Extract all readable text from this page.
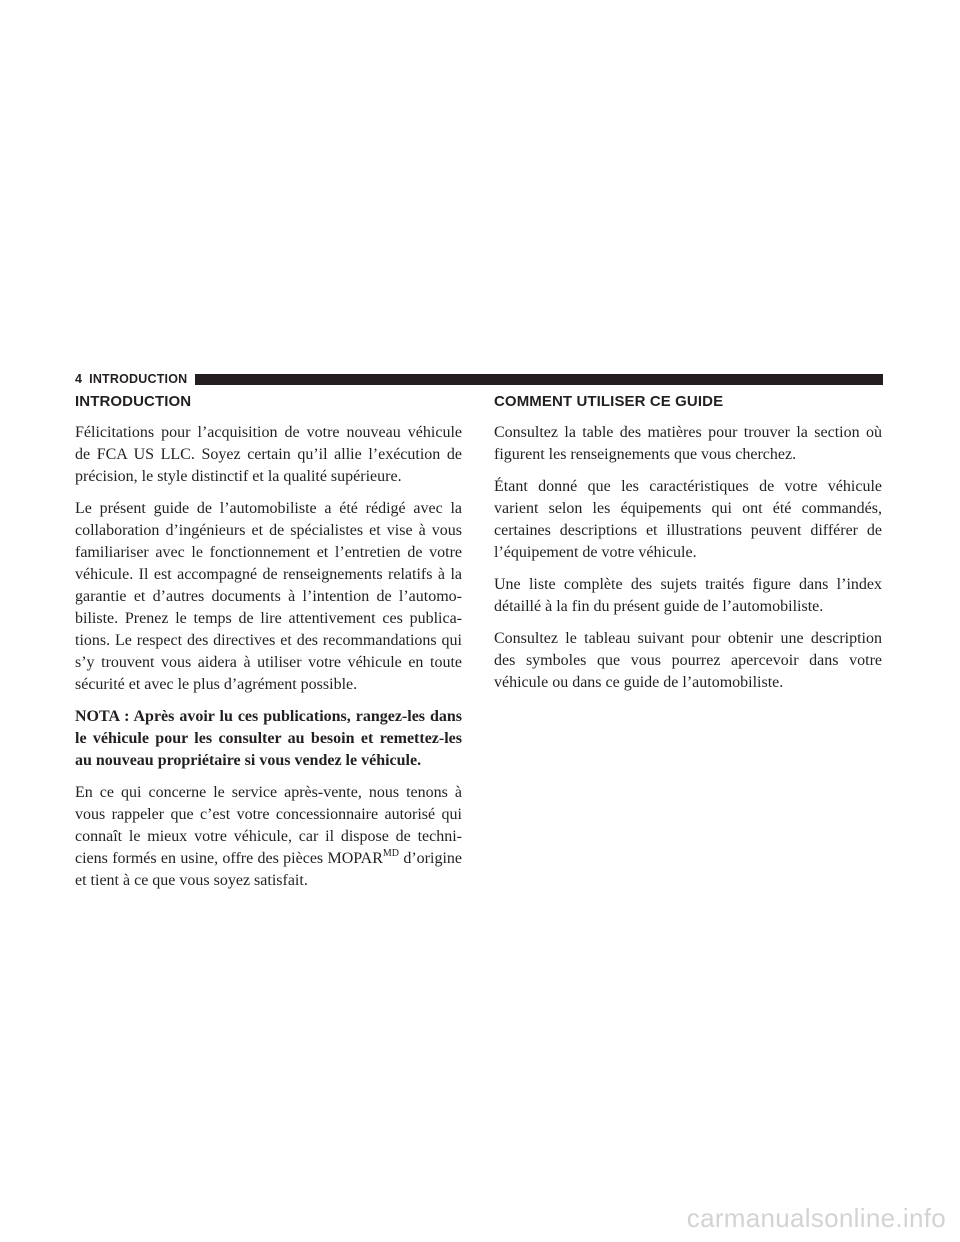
4 INTRODUCTION
INTRODUCTION

Félicitations pour l’acquisition de votre nouveau véhicule de FCA US LLC. Soyez certain qu’il allie l’exécution de précision, le style distinctif et la qualité supérieure.

Le présent guide de l’automobiliste a été rédigé avec la collaboration d’ingénieurs et de spécialistes et vise à vous familiariser avec le fonctionnement et l’entretien de votre véhicule. Il est accompagné de renseignements relatifs à la garantie et d’autres documents à l’intention de l’automo-biliste. Prenez le temps de lire attentivement ces publica-tions. Le respect des directives et des recommandations qui s’y trouvent vous aidera à utiliser votre véhicule en toute sécurité et avec le plus d’agrément possible.

NOTA : Après avoir lu ces publications, rangez-les dans le véhicule pour les consulter au besoin et remettez-les au nouveau propriétaire si vous vendez le véhicule.

En ce qui concerne le service après-vente, nous tenons à vous rappeler que c’est votre concessionnaire autorisé qui connaît le mieux votre véhicule, car il dispose de techni-ciens formés en usine, offre des pièces $MOPAR^{MD}$ d’origine et tient à ce que vous soyez satisfait.

COMMENT UTILISER CE GUIDE

Consultez la table des matières pour trouver la section où figurent les renseignements que vous cherchez.

Étant donné que les caractéristiques de votre véhicule varient selon les équipements qui ont été commandés, certaines descriptions et illustrations peuvent différer de l’équipement de votre véhicule.

Une liste complète des sujets traités figure dans l’index détaillé à la fin du présent guide de l’automobiliste.

Consultez le tableau suivant pour obtenir une description des symboles que vous pourrez apercevoir dans votre véhicule ou dans ce guide de l’automobiliste.

carmanualsonline.info
